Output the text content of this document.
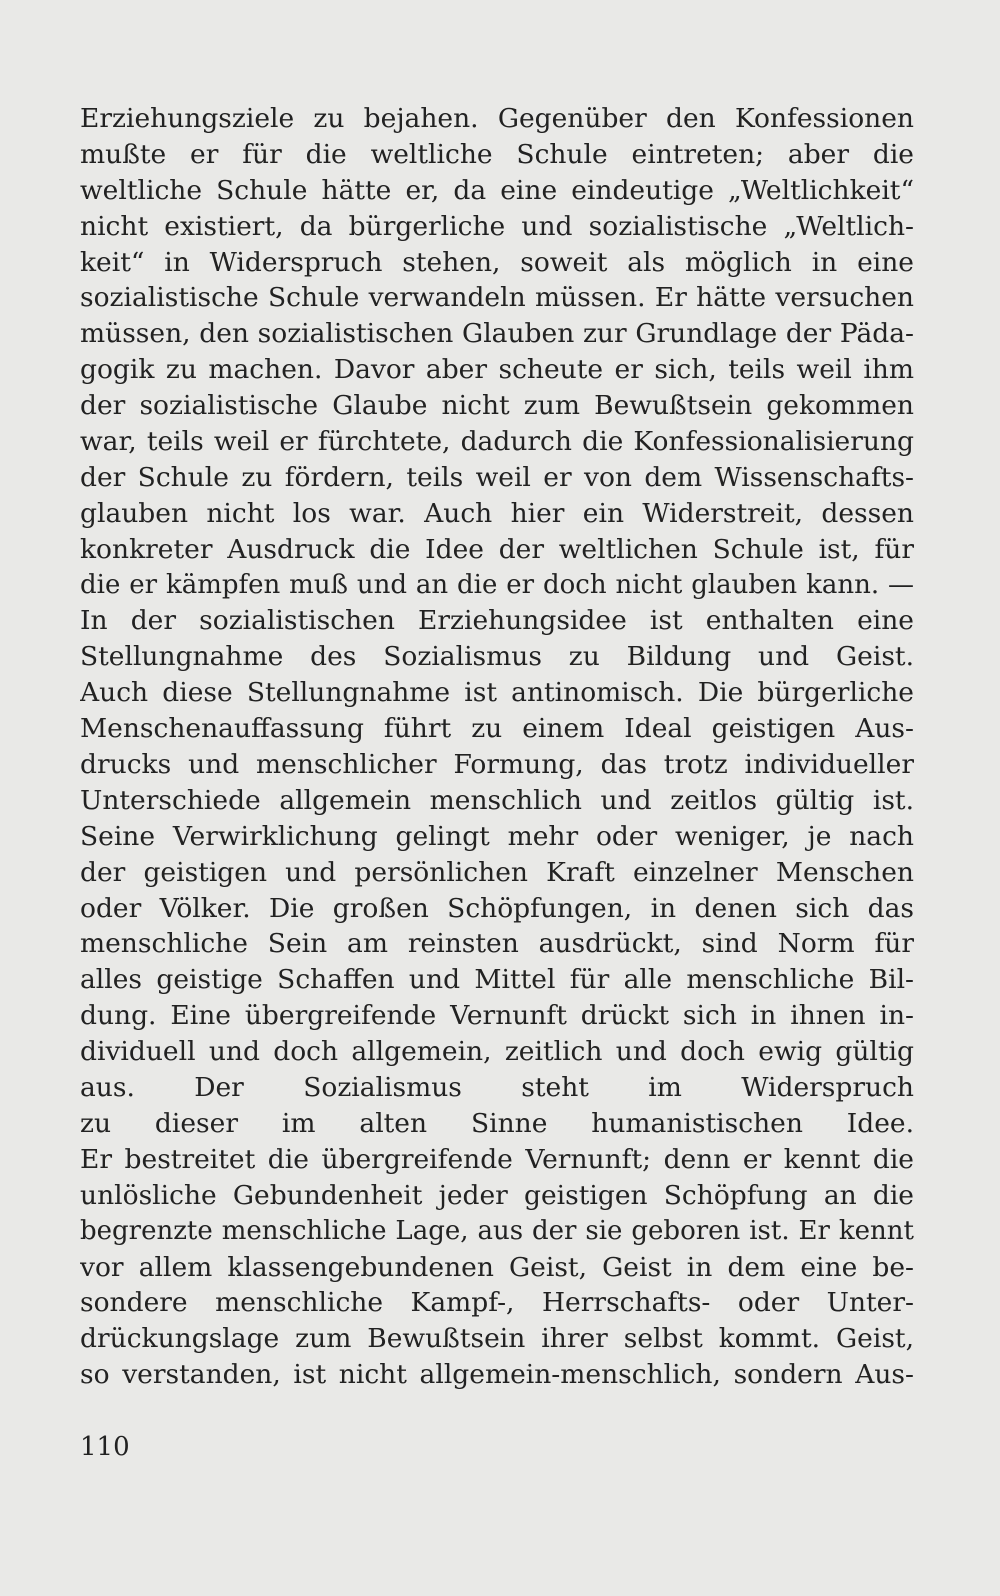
Erziehungsziele zu bejahen. Gegenüber den Konfessionen
mußte er für die weltliche Schule eintreten; aber die
weltliche Schule hätte er, da eine eindeutige „Weltlichkeit“
nicht existiert, da bürgerliche und sozialistische „Weltlich-
keit“ in Widerspruch stehen, soweit als möglich in eine
sozialistische Schule verwandeln müssen. Er hätte versuchen
müssen, den sozialistischen Glauben zur Grundlage der Päda-
gogik zu machen. Davor aber scheute er sich, teils weil ihm
der sozialistische Glaube nicht zum Bewußtsein gekommen
war, teils weil er fürchtete, dadurch die Konfessionalisierung
der Schule zu fördern, teils weil er von dem Wissenschafts-
glauben nicht los war. Auch hier ein Widerstreit, dessen
konkreter Ausdruck die Idee der weltlichen Schule ist, für
die er kämpfen muß und an die er doch nicht glauben kann. —
In der sozialistischen Erziehungsidee ist enthalten eine
Stellungnahme des Sozialismus zu Bildung und Geist.
Auch diese Stellungnahme ist antinomisch. Die bürgerliche
Menschenauffassung führt zu einem Ideal geistigen Aus-
drucks und menschlicher Formung, das trotz individueller
Unterschiede allgemein menschlich und zeitlos gültig ist.
Seine Verwirklichung gelingt mehr oder weniger, je nach
der geistigen und persönlichen Kraft einzelner Menschen
oder Völker. Die großen Schöpfungen, in denen sich das
menschliche Sein am reinsten ausdrückt, sind Norm für
alles geistige Schaffen und Mittel für alle menschliche Bil-
dung. Eine übergreifende Vernunft drückt sich in ihnen in-
dividuell und doch allgemein, zeitlich und doch ewig gültig
aus. Der Sozialismus steht im Widerspruch
zu dieser im alten Sinne humanistischen Idee.
Er bestreitet die übergreifende Vernunft; denn er kennt die
unlösliche Gebundenheit jeder geistigen Schöpfung an die
begrenzte menschliche Lage, aus der sie geboren ist. Er kennt
vor allem klassengebundenen Geist, Geist in dem eine be-
sondere menschliche Kampf-, Herrschafts- oder Unter-
drückungslage zum Bewußtsein ihrer selbst kommt. Geist,
so verstanden, ist nicht allgemein-menschlich, sondern Aus-
110
